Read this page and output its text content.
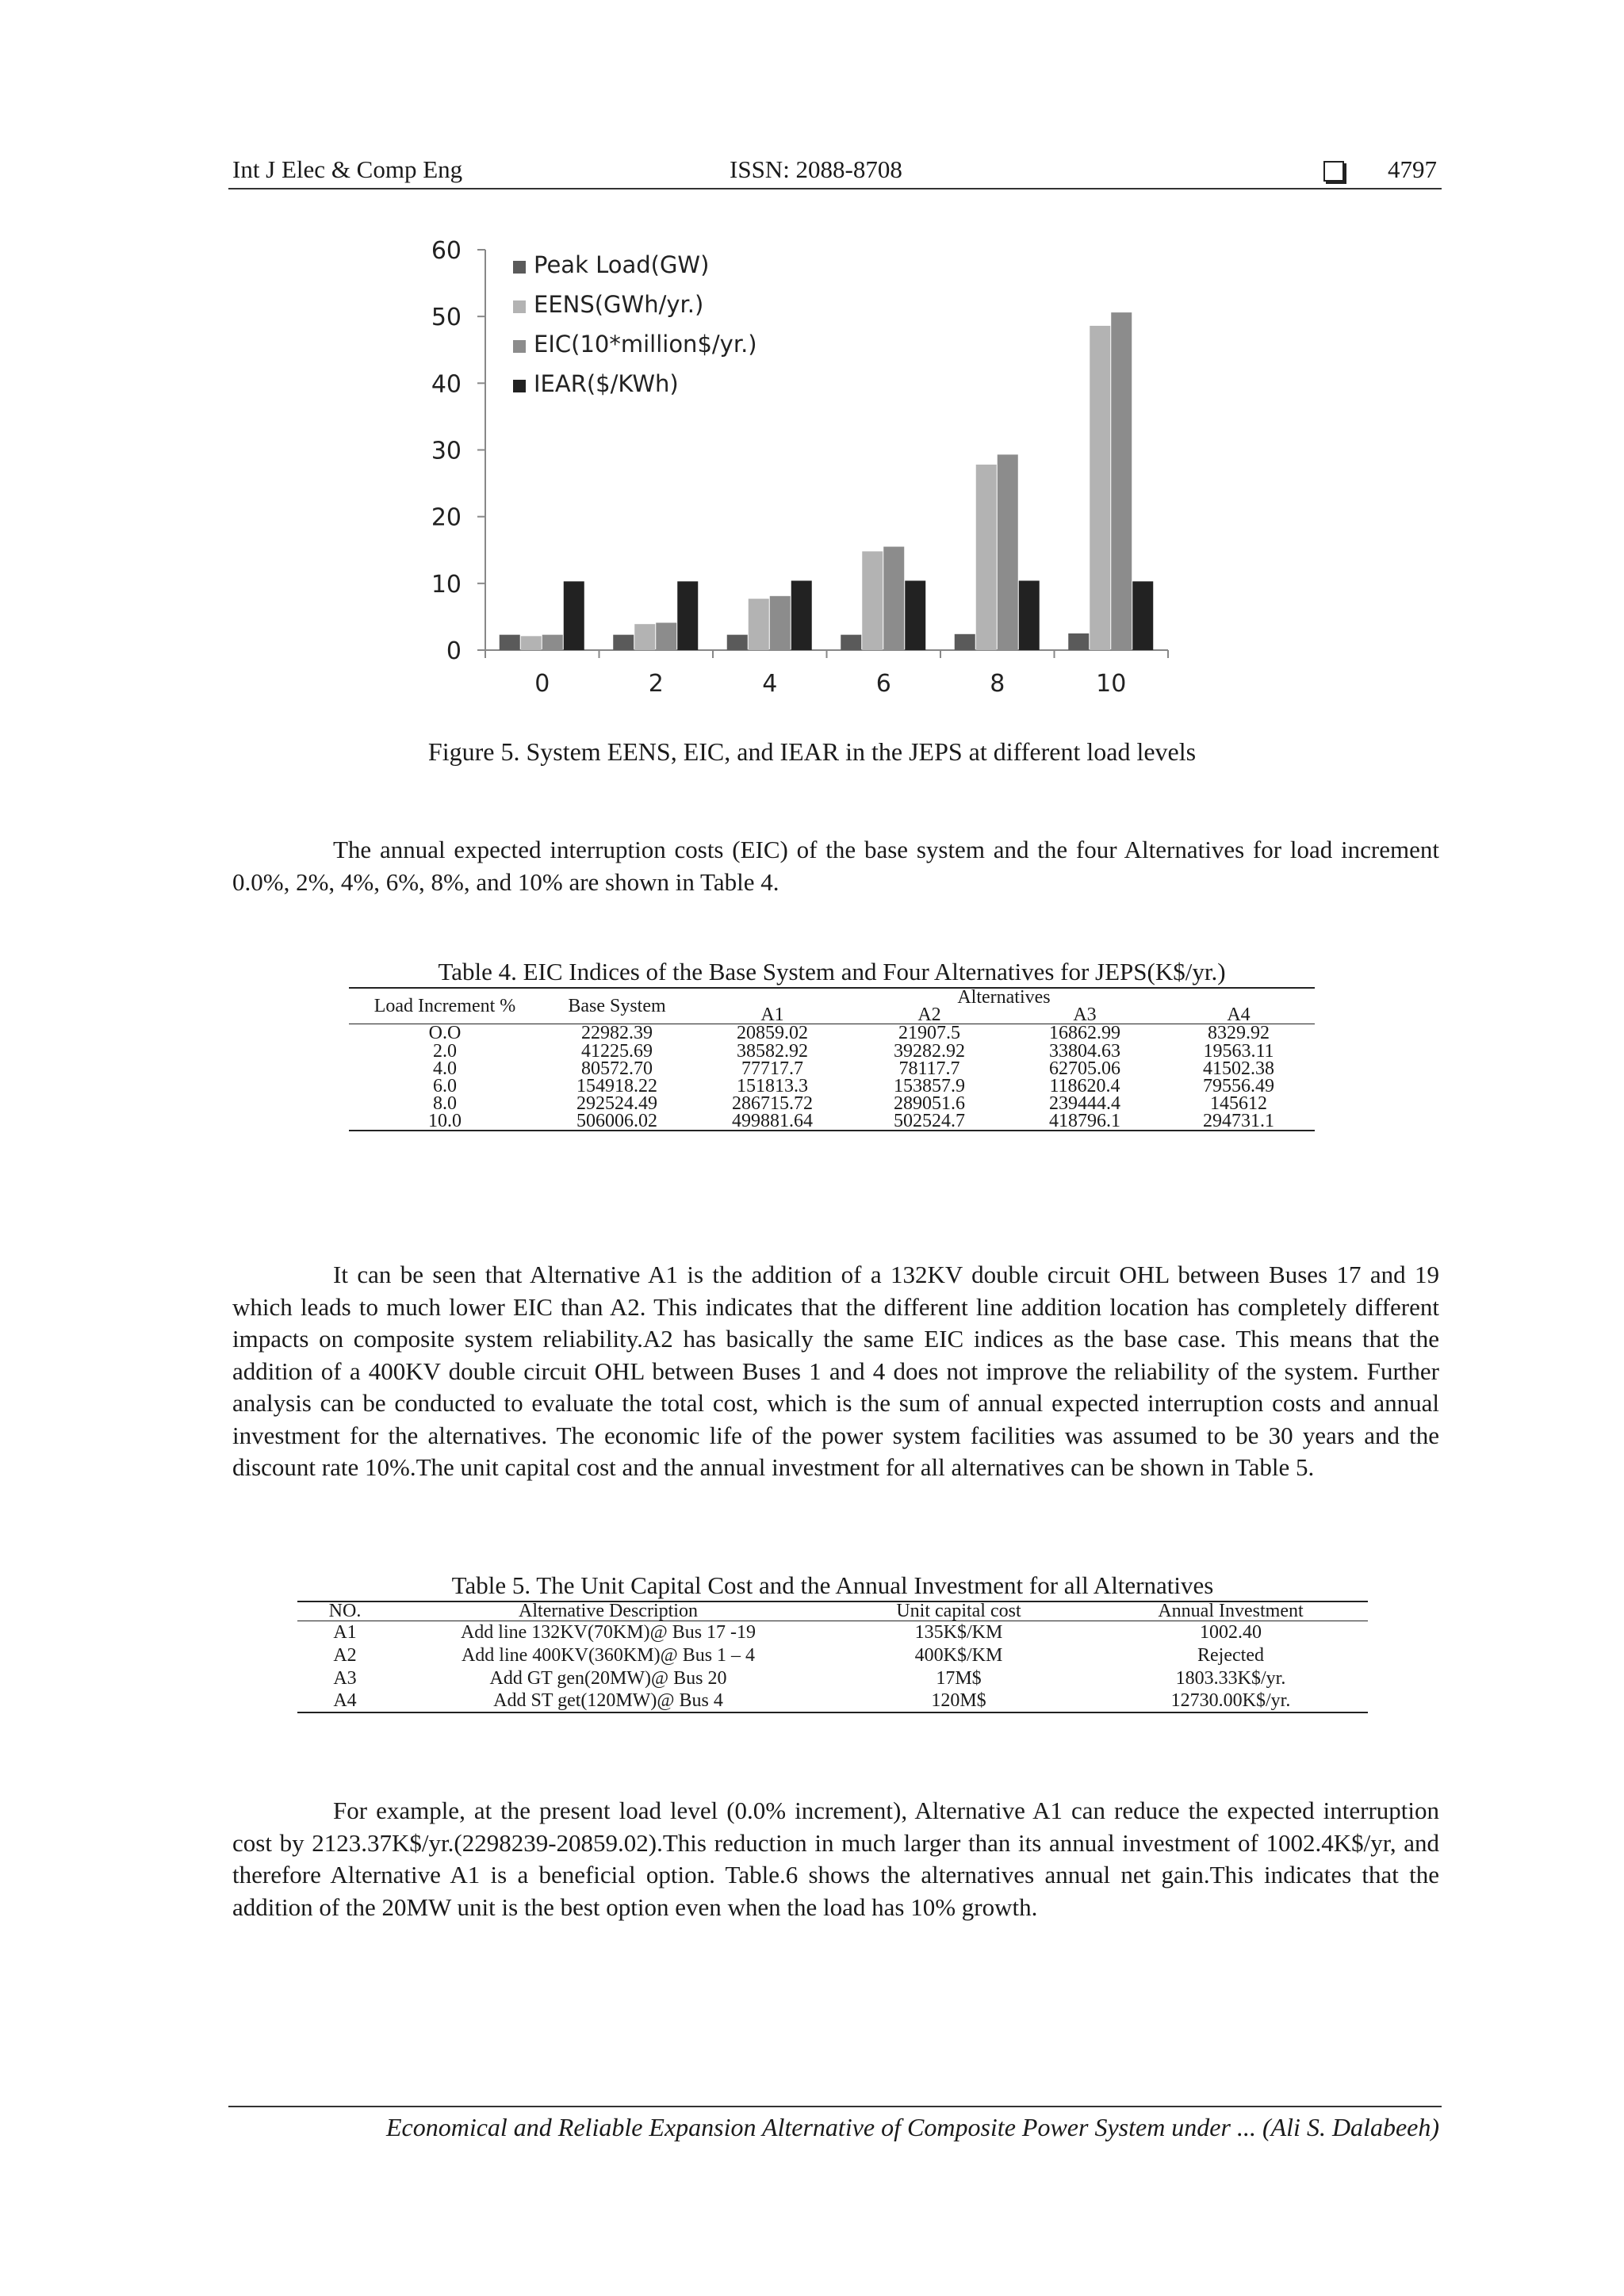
Int J Elec & Comp Eng	ISSN: 2088-8708	4797
0
10
20
30
40
50
60
0	2	4	6	8	10
Peak Load(GW)
EENS(GWh/yr.)
EIC(10*million$/yr.)
IEAR($/KWh)
Figure 5. System EENS, EIC, and IEAR in the JEPS at different load levels
The annual expected interruption costs (EIC) of the base system and the four Alternatives for load increment 0.0%, 2%, 4%, 6%, 8%, and 10% are shown in Table 4.
Table 4. EIC Indices of the Base System and Four Alternatives for JEPS(K$/yr.)
Load Increment %	Base System	Alternatives			
		A1	A2	A3	A4
O.O	22982.39	20859.02	21907.5	16862.99	8329.92
2.0	41225.69	38582.92	39282.92	33804.63	19563.11
4.0	80572.70	77717.7	78117.7	62705.06	41502.38
6.0	154918.22	151813.3	153857.9	118620.4	79556.49
8.0	292524.49	286715.72	289051.6	239444.4	145612
10.0	506006.02	499881.64	502524.7	418796.1	294731.1
It can be seen that Alternative A1 is the addition of a 132KV double circuit OHL between Buses 17 and 19 which leads to much lower EIC than A2. This indicates that the different line addition location has completely different impacts on composite system reliability.A2 has basically the same EIC indices as the base case. This means that the addition of a 400KV double circuit OHL between Buses 1 and 4 does not improve the reliability of the system. Further analysis can be conducted to evaluate the total cost, which is the sum of annual expected interruption costs and annual investment for the alternatives. The economic life of the power system facilities was assumed to be 30 years and the discount rate 10%.The unit capital cost and the annual investment for all alternatives can be shown in Table 5.
Table 5. The Unit Capital Cost and the Annual Investment for all Alternatives
NO.	Alternative Description	Unit capital cost	Annual Investment
A1	Add line 132KV(70KM)@ Bus 17 -19	135K$/KM	1002.40
A2	Add line 400KV(360KM)@ Bus 1 – 4	400K$/KM	Rejected
A3	Add GT gen(20MW)@ Bus 20	17M$	1803.33K$/yr.
A4	Add ST get(120MW)@ Bus 4	120M$	12730.00K$/yr.
For example, at the present load level (0.0% increment), Alternative A1 can reduce the expected interruption cost by 2123.37K$/yr.(2298239-20859.02).This reduction in much larger than its annual investment of 1002.4K$/yr, and therefore Alternative A1 is a beneficial option. Table.6 shows the alternatives annual net gain.This indicates that the addition of the 20MW unit is the best option even when the load has 10% growth.
Economical and Reliable Expansion Alternative of Composite Power System under ... (Ali S. Dalabeeh)
